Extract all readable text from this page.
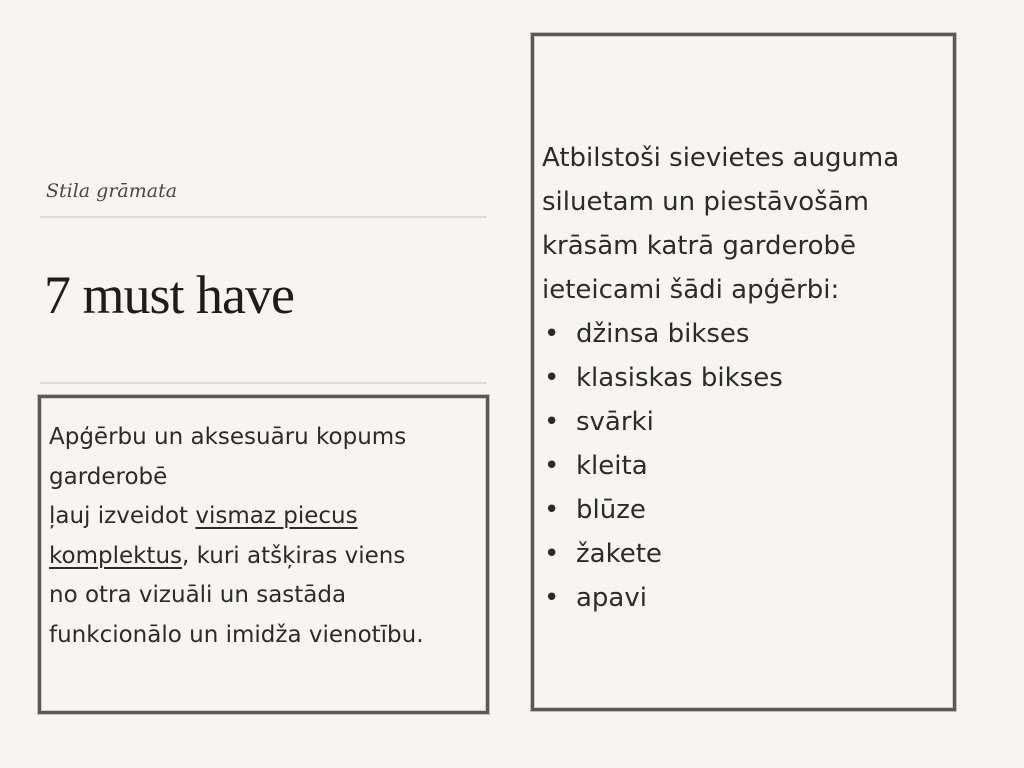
Stila grāmata
7 must have
Apģērbu un aksesuāru kopums
garderobē
ļauj izveidot vismaz piecus
komplektus, kuri atšķiras viens
no otra vizuāli un sastāda
funkcionālo un imidža vienotību.
Atbilstoši sievietes auguma
siluetam un piestāvošām
krāsām katrā garderobē
ieteicami šādi apģērbi:
• džinsa bikses
• klasiskas bikses
• svārki
• kleita
• blūze
• žakete
• apavi
